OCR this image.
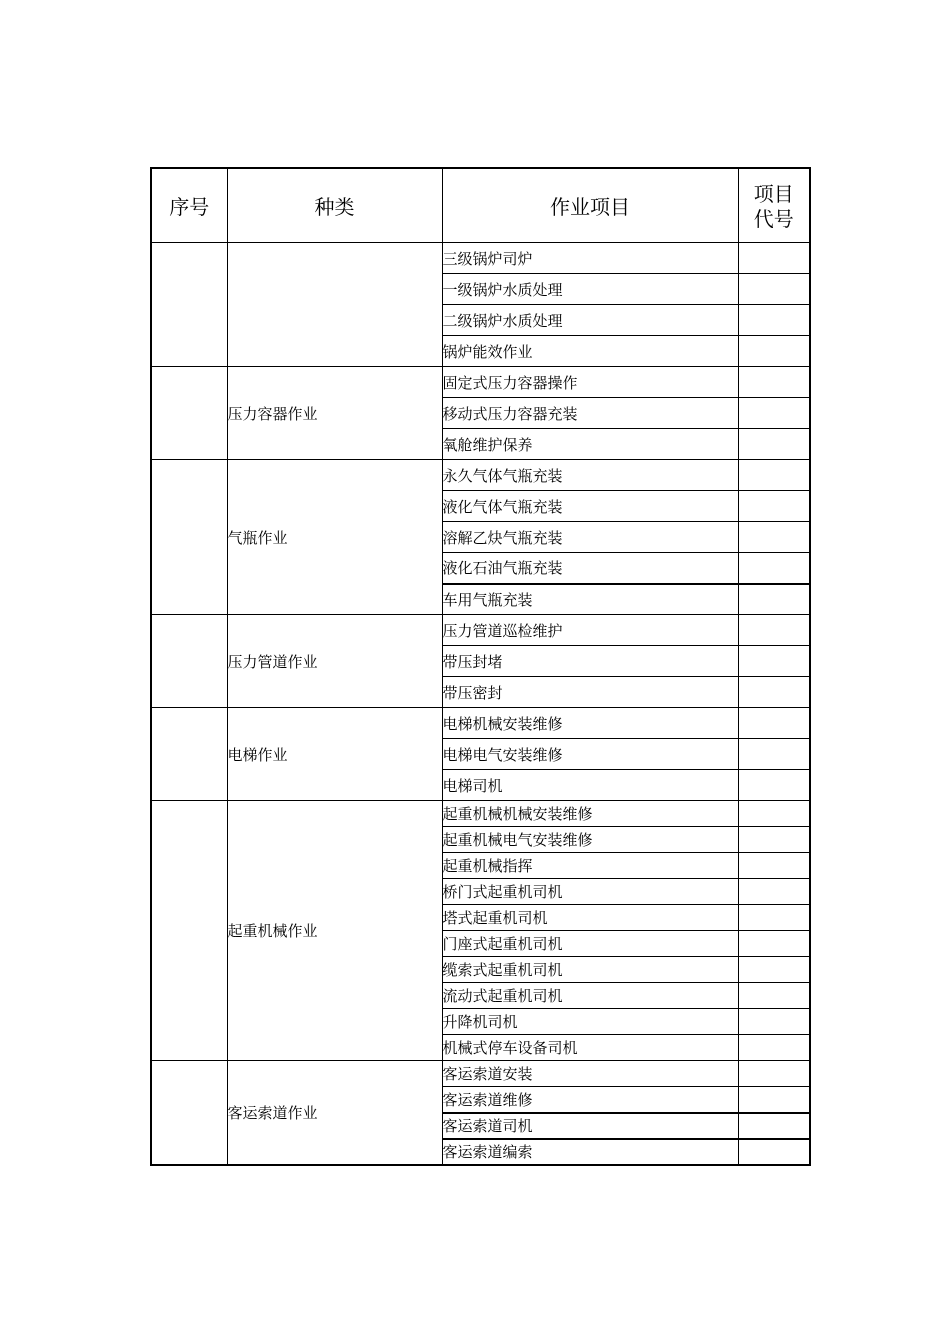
序号	种类	作业项目	项目
代号

		三级锅炉司炉	
		一级锅炉水质处理	
		二级锅炉水质处理	
		锅炉能效作业	
	压力容器作业	固定式压力容器操作	
		移动式压力容器充装	
		氧舱维护保养	
	气瓶作业	永久气体气瓶充装	
		液化气体气瓶充装	
		溶解乙炔气瓶充装	
		液化石油气瓶充装	
		车用气瓶充装	
	压力管道作业	压力管道巡检维护	
		带压封堵	
		带压密封	
	电梯作业	电梯机械安装维修	
		电梯电气安装维修	
		电梯司机	
	起重机械作业	起重机械机械安装维修	
		起重机械电气安装维修	
		起重机械指挥	
		桥门式起重机司机	
		塔式起重机司机	
		门座式起重机司机	
		缆索式起重机司机	
		流动式起重机司机	
		升降机司机	
		机械式停车设备司机	
	客运索道作业	客运索道安装	
		客运索道维修	
		客运索道司机	
		客运索道编索	
